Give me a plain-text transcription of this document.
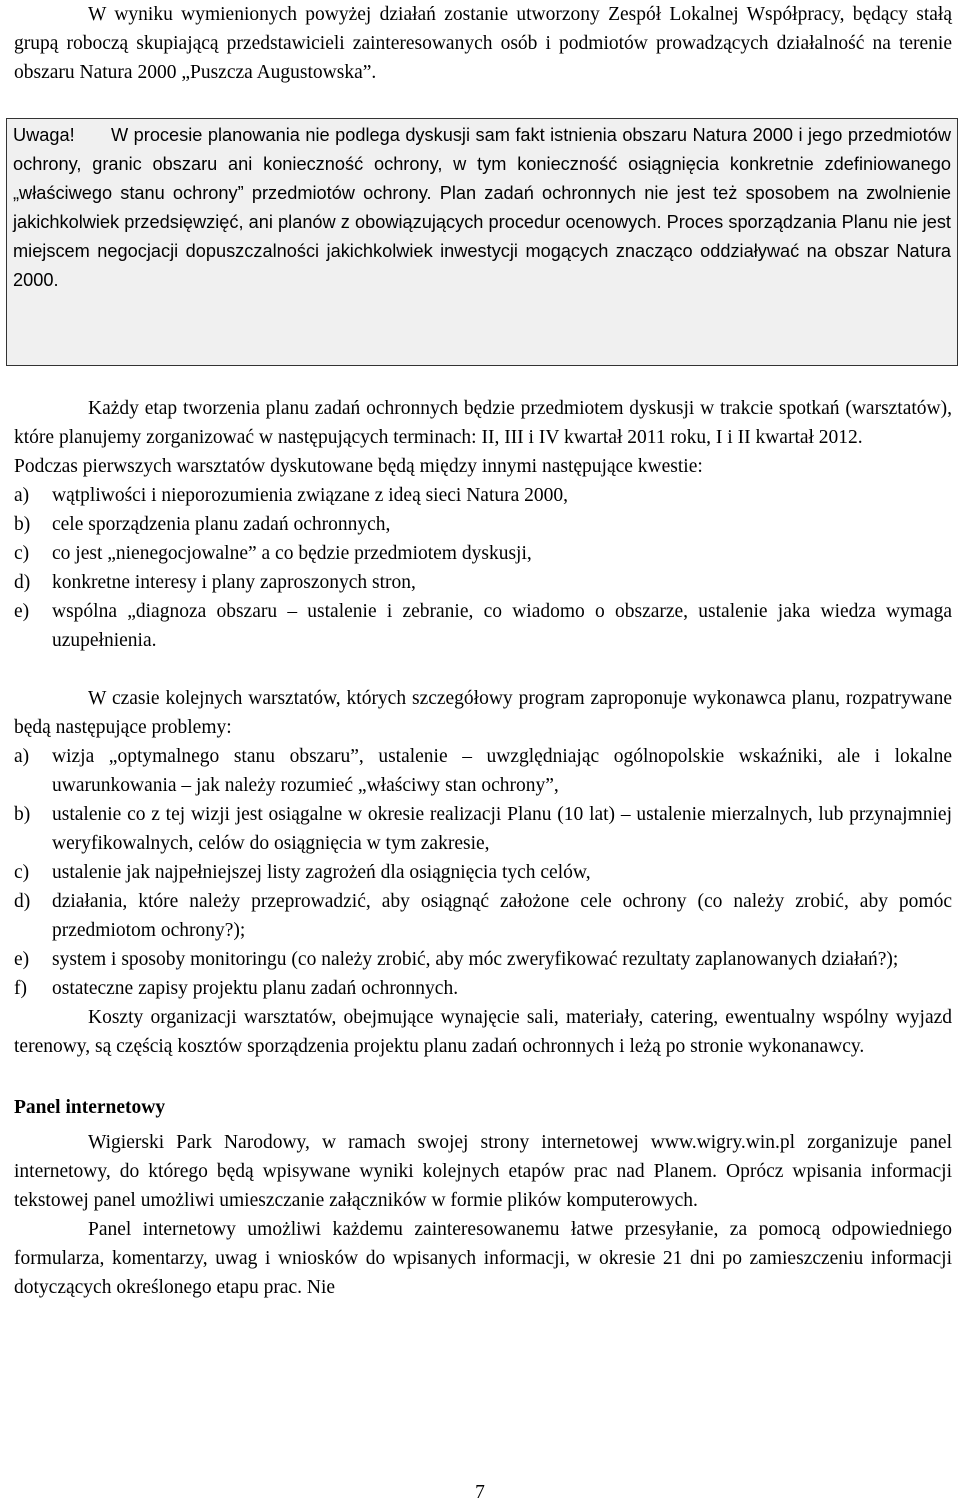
W wyniku wymienionych powyżej działań zostanie utworzony Zespół Lokalnej Współpracy, będący stałą grupą roboczą skupiającą przedstawicieli zainteresowanych osób i podmiotów prowadzących działalność na terenie obszaru Natura 2000 „Puszcza Augustowska”.

Uwaga!	W procesie planowania nie podlega dyskusji sam fakt istnienia obszaru Natura 2000 i jego przedmiotów ochrony, granic obszaru ani konieczność ochrony, w tym konieczność osiągnięcia konkretnie zdefiniowanego „właściwego stanu ochrony” przedmiotów ochrony. Plan zadań ochronnych nie jest też sposobem na zwolnienie jakichkolwiek przedsięwzięć, ani planów z obowiązujących procedur ocenowych. Proces sporządzania Planu nie jest miejscem negocjacji dopuszczalności jakichkolwiek inwestycji mogących znacząco oddziaływać na obszar Natura 2000.

Każdy etap tworzenia planu zadań ochronnych będzie przedmiotem dyskusji w trakcie spotkań (warsztatów), które planujemy zorganizować w następujących terminach: II, III i IV kwartał 2011 roku, I i II kwartał 2012.

Podczas pierwszych warsztatów dyskutowane będą między innymi następujące kwestie:

a) wątpliwości i nieporozumienia związane z ideą sieci Natura 2000,
b) cele sporządzenia planu zadań ochronnych,
c) co jest „nienegocjowalne” a co będzie przedmiotem dyskusji,
d) konkretne interesy i plany zaproszonych stron,
e) wspólna „diagnoza obszaru – ustalenie i zebranie, co wiadomo o obszarze, ustalenie jaka wiedza wymaga uzupełnienia.

W czasie kolejnych warsztatów, których szczegółowy program zaproponuje wykonawca planu, rozpatrywane będą następujące problemy:

a) wizja „optymalnego stanu obszaru”, ustalenie – uwzględniając ogólnopolskie wskaźniki, ale i lokalne uwarunkowania – jak należy rozumieć „właściwy stan ochrony”,
b) ustalenie co z tej wizji jest osiągalne w okresie realizacji Planu (10 lat) – ustalenie mierzalnych, lub przynajmniej weryfikowalnych, celów do osiągnięcia w tym zakresie,
c) ustalenie jak najpełniejszej listy zagrożeń dla osiągnięcia tych celów,
d) działania, które należy przeprowadzić, aby osiągnąć założone cele ochrony (co należy zrobić, aby pomóc przedmiotom ochrony?);
e) system i sposoby monitoringu (co należy zrobić, aby móc zweryfikować rezultaty zaplanowanych działań?);
f) ostateczne zapisy projektu planu zadań ochronnych.

Koszty organizacji warsztatów, obejmujące wynajęcie sali, materiały, catering, ewentualny wspólny wyjazd terenowy, są częścią kosztów sporządzenia projektu planu zadań ochronnych i leżą po stronie wykonanawcy.

Panel internetowy

Wigierski Park Narodowy, w ramach swojej strony internetowej www.wigry.win.pl zorganizuje panel internetowy, do którego będą wpisywane wyniki kolejnych etapów prac nad Planem. Oprócz wpisania informacji tekstowej panel umożliwi umieszczanie załączników w formie plików komputerowych.

Panel internetowy umożliwi każdemu zainteresowanemu łatwe przesyłanie, za pomocą odpowiedniego formularza, komentarzy, uwag i wniosków do wpisanych informacji, w okresie 21 dni po zamieszczeniu informacji dotyczących określonego etapu prac. Nie

7
